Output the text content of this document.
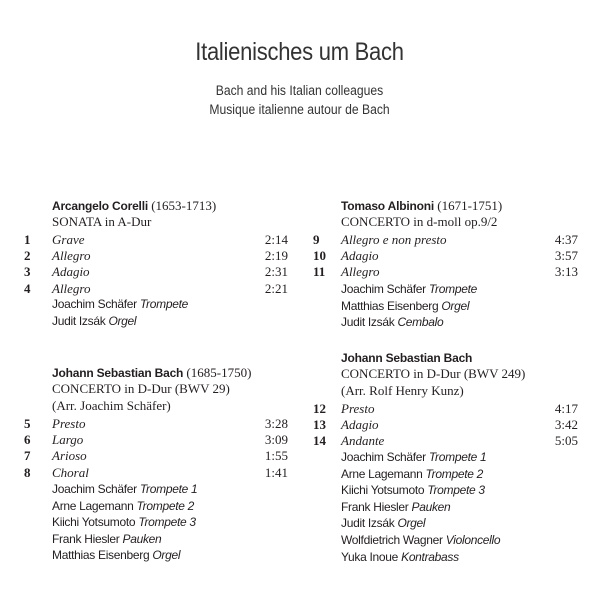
Italienisches um Bach
Bach and his Italian colleagues
Musique italienne autour de Bach
Arcangelo Corelli (1653-1713)
SONATA in A-Dur
1 Grave	2:14
2 Allegro	2:19
3 Adagio	2:31
4 Allegro	2:21
Joachim Schäfer Trompete
Judit Izsák Orgel
Johann Sebastian Bach (1685-1750)
CONCERTO in D-Dur (BWV 29)
(Arr. Joachim Schäfer)
5 Presto	3:28
6 Largo	3:09
7 Arioso	1:55
8 Choral	1:41
Joachim Schäfer Trompete 1
Arne Lagemann Trompete 2
Kiichi Yotsumoto Trompete 3
Frank Hiesler Pauken
Matthias Eisenberg Orgel
Tomaso Albinoni (1671-1751)
CONCERTO in d-moll op.9/2
9 Allegro e non presto	4:37
10 Adagio	3:57
11 Allegro	3:13
Joachim Schäfer Trompete
Matthias Eisenberg Orgel
Judit Izsák Cembalo
Johann Sebastian Bach
CONCERTO in D-Dur (BWV 249)
(Arr. Rolf Henry Kunz)
12 Presto	4:17
13 Adagio	3:42
14 Andante	5:05
Joachim Schäfer Trompete 1
Arne Lagemann Trompete 2
Kiichi Yotsumoto Trompete 3
Frank Hiesler Pauken
Judit Izsák Orgel
Wolfdietrich Wagner Violoncello
Yuka Inoue Kontrabass
